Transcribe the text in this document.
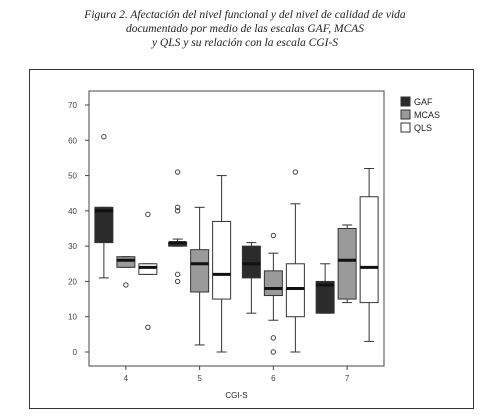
Figura 2. Afectación del nivel funcional y del nivel de calidad de vida
documentado por medio de las escalas GAF, MCAS
y QLS y su relación con la escala CGI-S
0
10
20
30
40
50
60
70
4	5	6	7
CGI-S
GAF
MCAS
QLS
